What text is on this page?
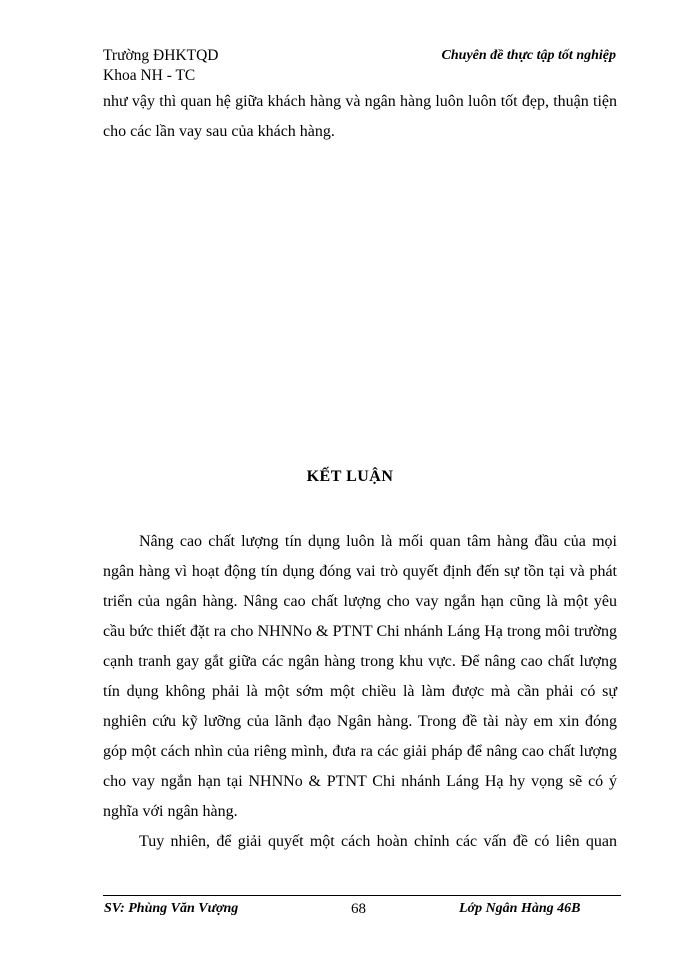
Trường ĐHKTQD
Khoa NH - TC
Chuyên đề thực tập tốt nghiệp
như vậy thì quan hệ giữa khách hàng và ngân hàng luôn luôn tốt đẹp, thuận tiện
cho các lần vay sau của khách hàng.
KẾT LUẬN
Nâng cao chất lượng tín dụng luôn là mối quan tâm hàng đầu của mọi
ngân hàng vì hoạt động tín dụng đóng vai trò quyết định đến sự tồn tại và phát
triển của ngân hàng. Nâng cao chất lượng cho vay ngắn hạn cũng là một yêu
cầu bức thiết đặt ra cho NHNNo & PTNT Chi nhánh Láng Hạ trong môi trường
cạnh tranh gay gắt giữa các ngân hàng trong khu vực. Để nâng cao chất lượng
tín dụng không phải là một sớm một chiều là làm được mà cần phải có sự
nghiên cứu kỹ lưỡng của lãnh đạo Ngân hàng. Trong đề tài này em xin đóng
góp một cách nhìn của riêng mình, đưa ra các giải pháp để nâng cao chất lượng
cho vay ngắn hạn tại NHNNo & PTNT Chi nhánh Láng Hạ hy vọng sẽ có ý
nghĩa với ngân hàng.
Tuy nhiên, để giải quyết một cách hoàn chỉnh các vấn đề có liên quan
SV: Phùng Văn Vượng	68	Lớp Ngân Hàng 46B
